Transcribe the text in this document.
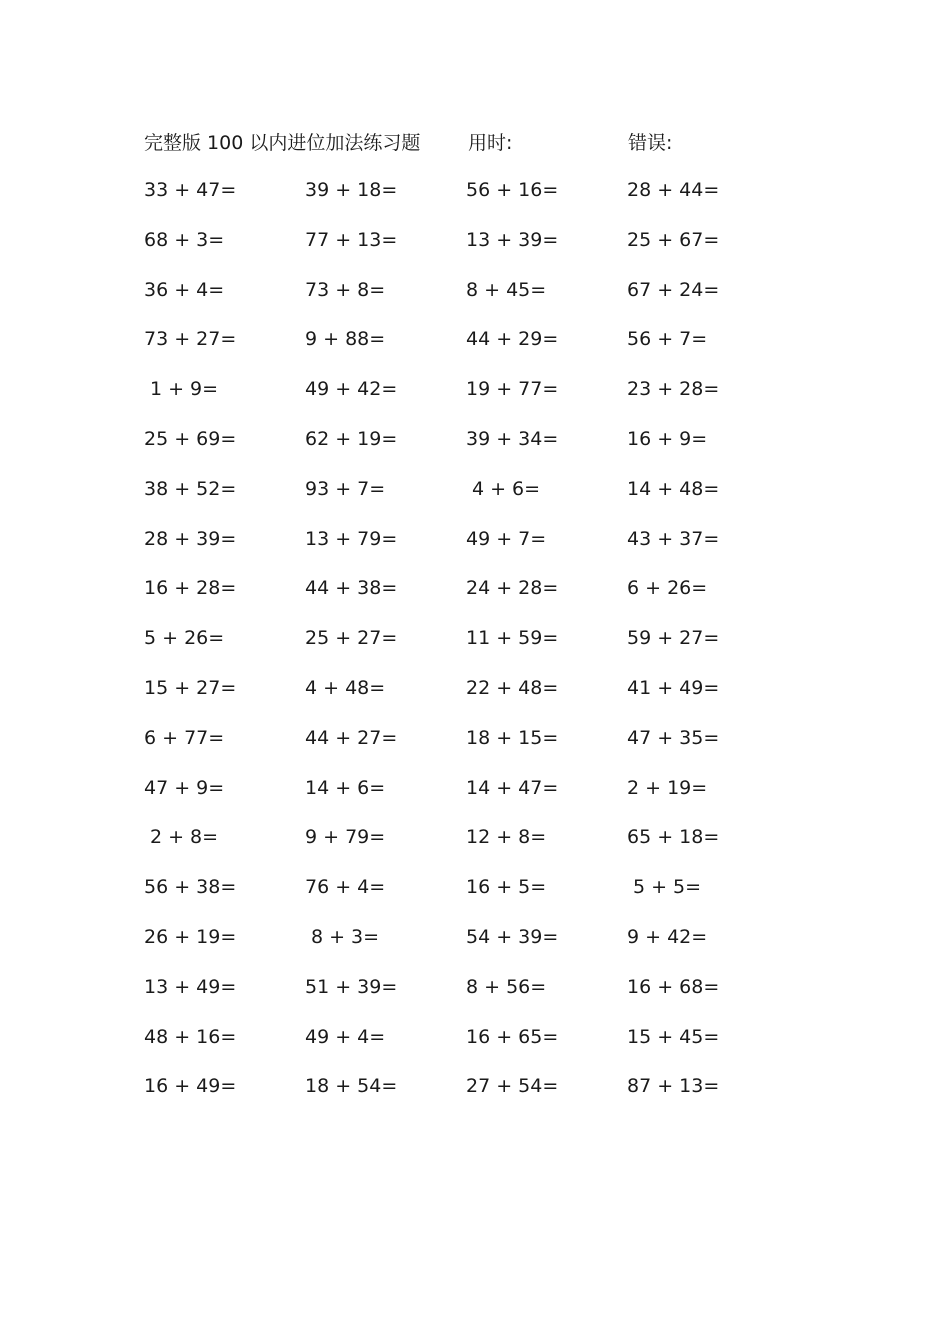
完整版 100 以内进位加法练习题	用时:	错误:
33 + 47=	39 + 18=	56 + 16=	28 + 44=
68 + 3=	77 + 13=	13 + 39=	25 + 67=
36 + 4=	73 + 8=	8 + 45=	67 + 24=
73 + 27=	9 + 88=	44 + 29=	56 + 7=
1 + 9=	49 + 42=	19 + 77=	23 + 28=
25 + 69=	62 + 19=	39 + 34=	16 + 9=
38 + 52=	93 + 7=	4 + 6=	14 + 48=
28 + 39=	13 + 79=	49 + 7=	43 + 37=
16 + 28=	44 + 38=	24 + 28=	6 + 26=
5 + 26=	25 + 27=	11 + 59=	59 + 27=
15 + 27=	4 + 48=	22 + 48=	41 + 49=
6 + 77=	44 + 27=	18 + 15=	47 + 35=
47 + 9=	14 + 6=	14 + 47=	2 + 19=
2 + 8=	9 + 79=	12 + 8=	65 + 18=
56 + 38=	76 + 4=	16 + 5=	5 + 5=
26 + 19=	8 + 3=	54 + 39=	9 + 42=
13 + 49=	51 + 39=	8 + 56=	16 + 68=
48 + 16=	49 + 4=	16 + 65=	15 + 45=
16 + 49=	18 + 54=	27 + 54=	87 + 13=
